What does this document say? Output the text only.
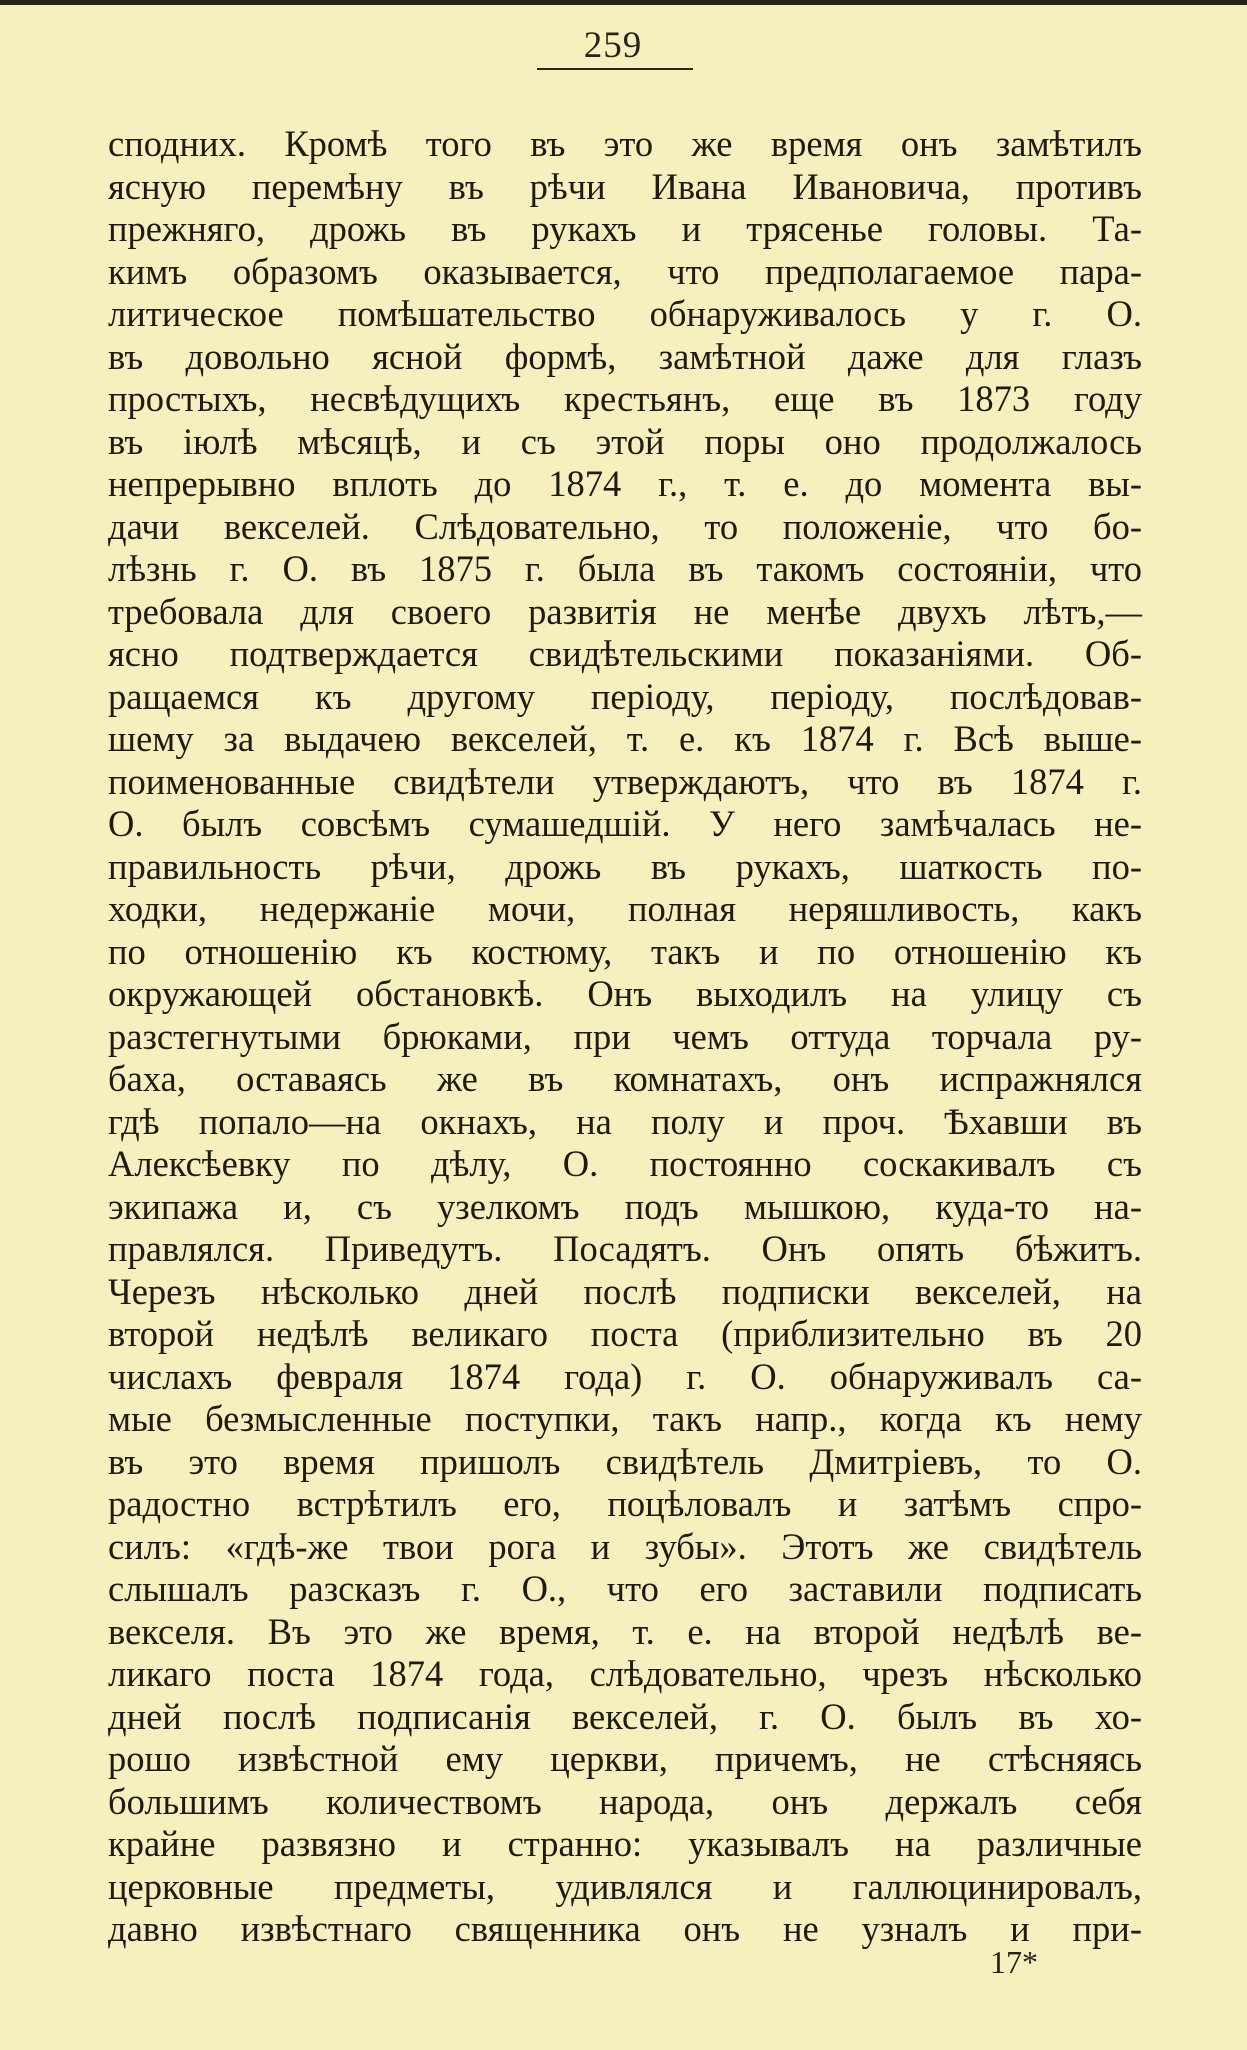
259
сподних. Кромѣ того въ это же время онъ замѣтилъ
ясную перемѣну въ рѣчи Ивана Ивановича, противъ
прежняго, дрожь въ рукахъ и трясенье головы. Та-
кимъ образомъ оказывается, что предполагаемое пара-
литическое помѣшательство обнаруживалось у г. О.
въ довольно ясной формѣ, замѣтной даже для глазъ
простыхъ, несвѣдущихъ крестьянъ, еще въ 1873 году
въ іюлѣ мѣсяцѣ, и съ этой поры оно продолжалось
непрерывно вплоть до 1874 г., т. е. до момента вы-
дачи векселей. Слѣдовательно, то положеніе, что бо-
лѣзнь г. О. въ 1875 г. была въ такомъ состояніи, что
требовала для своего развитія не менѣе двухъ лѣтъ,—
ясно подтверждается свидѣтельскими показаніями. Об-
ращаемся къ другому періоду, періоду, послѣдовав-
шему за выдачею векселей, т. е. къ 1874 г. Всѣ выше-
поименованные свидѣтели утверждаютъ, что въ 1874 г.
О. былъ совсѣмъ сумашедшій. У него замѣчалась не-
правильность рѣчи, дрожь въ рукахъ, шаткость по-
ходки, недержаніе мочи, полная неряшливость, какъ
по отношенію къ костюму, такъ и по отношенію къ
окружающей обстановкѣ. Онъ выходилъ на улицу съ
разстегнутыми брюками, при чемъ оттуда торчала ру-
баха, оставаясь же въ комнатахъ, онъ испражнялся
гдѣ попало—на окнахъ, на полу и проч. Ѣхавши въ
Алексѣевку по дѣлу, О. постоянно соскакивалъ съ
экипажа и, съ узелкомъ подъ мышкою, куда-то на-
правлялся. Приведутъ. Посадятъ. Онъ опять бѣжитъ.
Черезъ нѣсколько дней послѣ подписки векселей, на
второй недѣлѣ великаго поста (приблизительно въ 20
числахъ февраля 1874 года) г. О. обнаруживалъ са-
мые безмысленные поступки, такъ напр., когда къ нему
въ это время пришолъ свидѣтель Дмитріевъ, то О.
радостно встрѣтилъ его, поцѣловалъ и затѣмъ спро-
силъ: «гдѣ-же твои рога и зубы». Этотъ же свидѣтель
слышалъ разсказъ г. О., что его заставили подписать
векселя. Въ это же время, т. е. на второй недѣлѣ ве-
ликаго поста 1874 года, слѣдовательно, чрезъ нѣсколько
дней послѣ подписанія векселей, г. О. былъ въ хо-
рошо извѣстной ему церкви, причемъ, не стѣсняясь
большимъ количествомъ народа, онъ держалъ себя
крайне развязно и странно: указывалъ на различные
церковные предметы, удивлялся и галлюцинировалъ,
давно извѣстнаго священника онъ не узналъ и при-
17*
